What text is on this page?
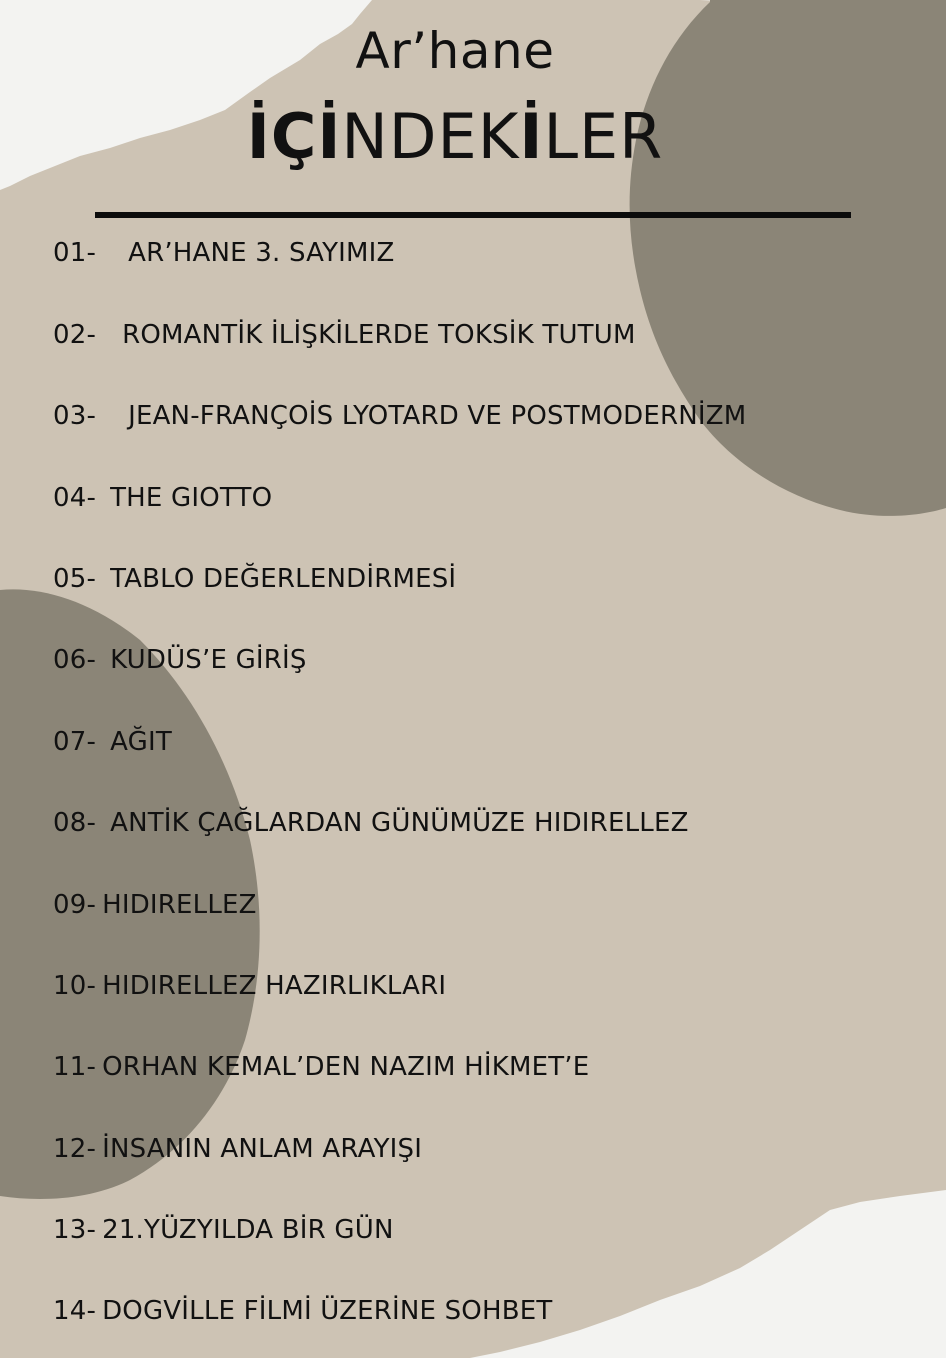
Ar’hane
İÇİNDEKİLER
01- AR’HANE 3. SAYIMIZ
02- ROMANTİK İLİŞKİLERDE TOKSİK TUTUM
03- JEAN-FRANÇOİS LYOTARD VE POSTMODERNİZM
04- THE GIOTTO
05- TABLO DEĞERLENDİRMESİ
06- KUDÜS’E GİRİŞ
07- AĞIT
08- ANTİK ÇAĞLARDAN GÜNÜMÜZE HIDIRELLEZ
09- HIDIRELLEZ
10- HIDIRELLEZ HAZIRLIKLARI
11- ORHAN KEMAL’DEN NAZIM HİKMET’E
12- İNSANIN ANLAM ARAYIŞI
13- 21.YÜZYILDA BİR GÜN
14- DOGVİLLE FİLMİ ÜZERİNE SOHBET
